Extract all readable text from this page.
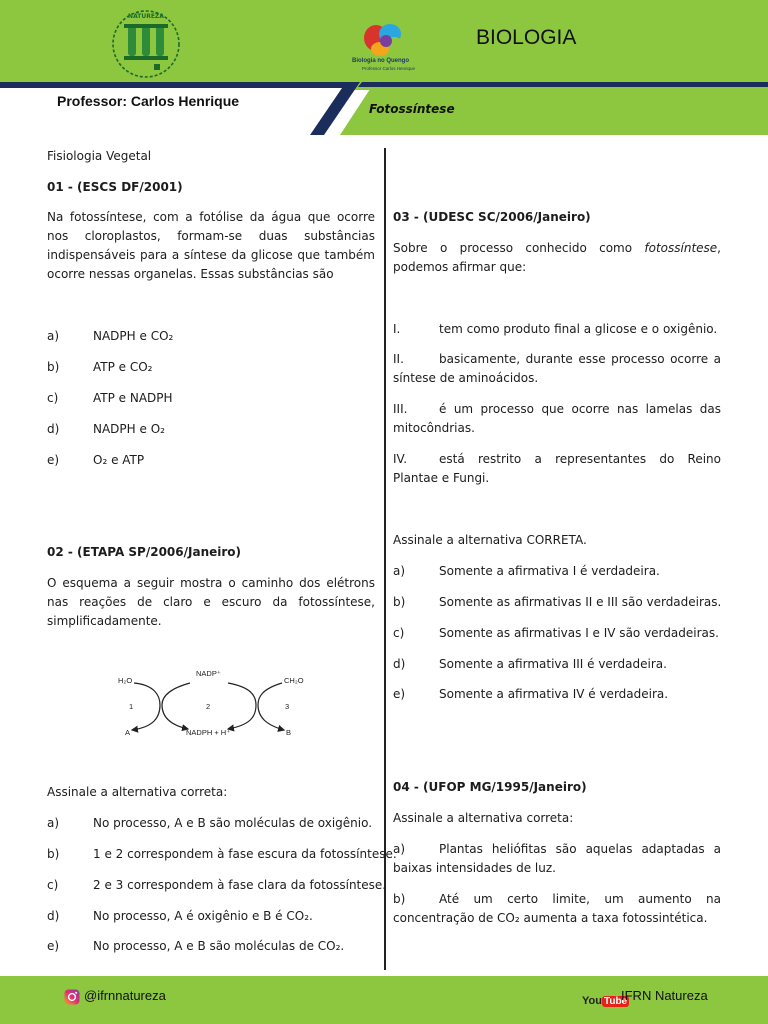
NATUREZA
Biologia no Quengo
Professor Carlos Henrique
BIOLOGIA
Professor: Carlos Henrique	Fotossíntese
Fisiologia Vegetal
01 - (ESCS DF/2001)
Na fotossíntese, com a fotólise da água que ocorre nos cloroplastos, formam-se duas substâncias indispensáveis para a síntese da glicose que também ocorre nessas organelas. Essas substâncias são
a)	NADPH e CO₂
b)	ATP e CO₂
c)	ATP e NADPH
d)	NADPH e O₂
e)	O₂ e ATP
02 - (ETAPA SP/2006/Janeiro)
O esquema a seguir mostra o caminho dos elétrons nas reações de claro e escuro da fotossíntese, simplificadamente.
H₂O
NADP⁺
CH₂O
1	2	3
A	NADPH + H⁺	B
Assinale a alternativa correta:
a)	No processo, A e B são moléculas de oxigênio.
b)	1 e 2 correspondem à fase escura da fotossíntese.
c)	2 e 3 correspondem à fase clara da fotossíntese.
d)	No processo, A é oxigênio e B é CO₂.
e)	No processo, A e B são moléculas de CO₂.
03 - (UDESC SC/2006/Janeiro)
Sobre o processo conhecido como fotossíntese, podemos afirmar que:
I.	tem como produto final a glicose e o oxigênio.
II.	basicamente, durante esse processo ocorre a síntese de aminoácidos.
III.	é um processo que ocorre nas lamelas das mitocôndrias.
IV.	está restrito a representantes do Reino Plantae e Fungi.
Assinale a alternativa CORRETA.
a)	Somente a afirmativa I é verdadeira.
b)	Somente as afirmativas II e III são verdadeiras.
c)	Somente as afirmativas I e IV são verdadeiras.
d)	Somente a afirmativa III é verdadeira.
e)	Somente a afirmativa IV é verdadeira.
04 - (UFOP MG/1995/Janeiro)
Assinale a alternativa correta:
a)	Plantas heliófitas são aquelas adaptadas a baixas intensidades de luz.
b)	Até um certo limite, um aumento na concentração de CO₂ aumenta a taxa fotossintética.
@ifrnnatureza	You Tube
IFRN Natureza
